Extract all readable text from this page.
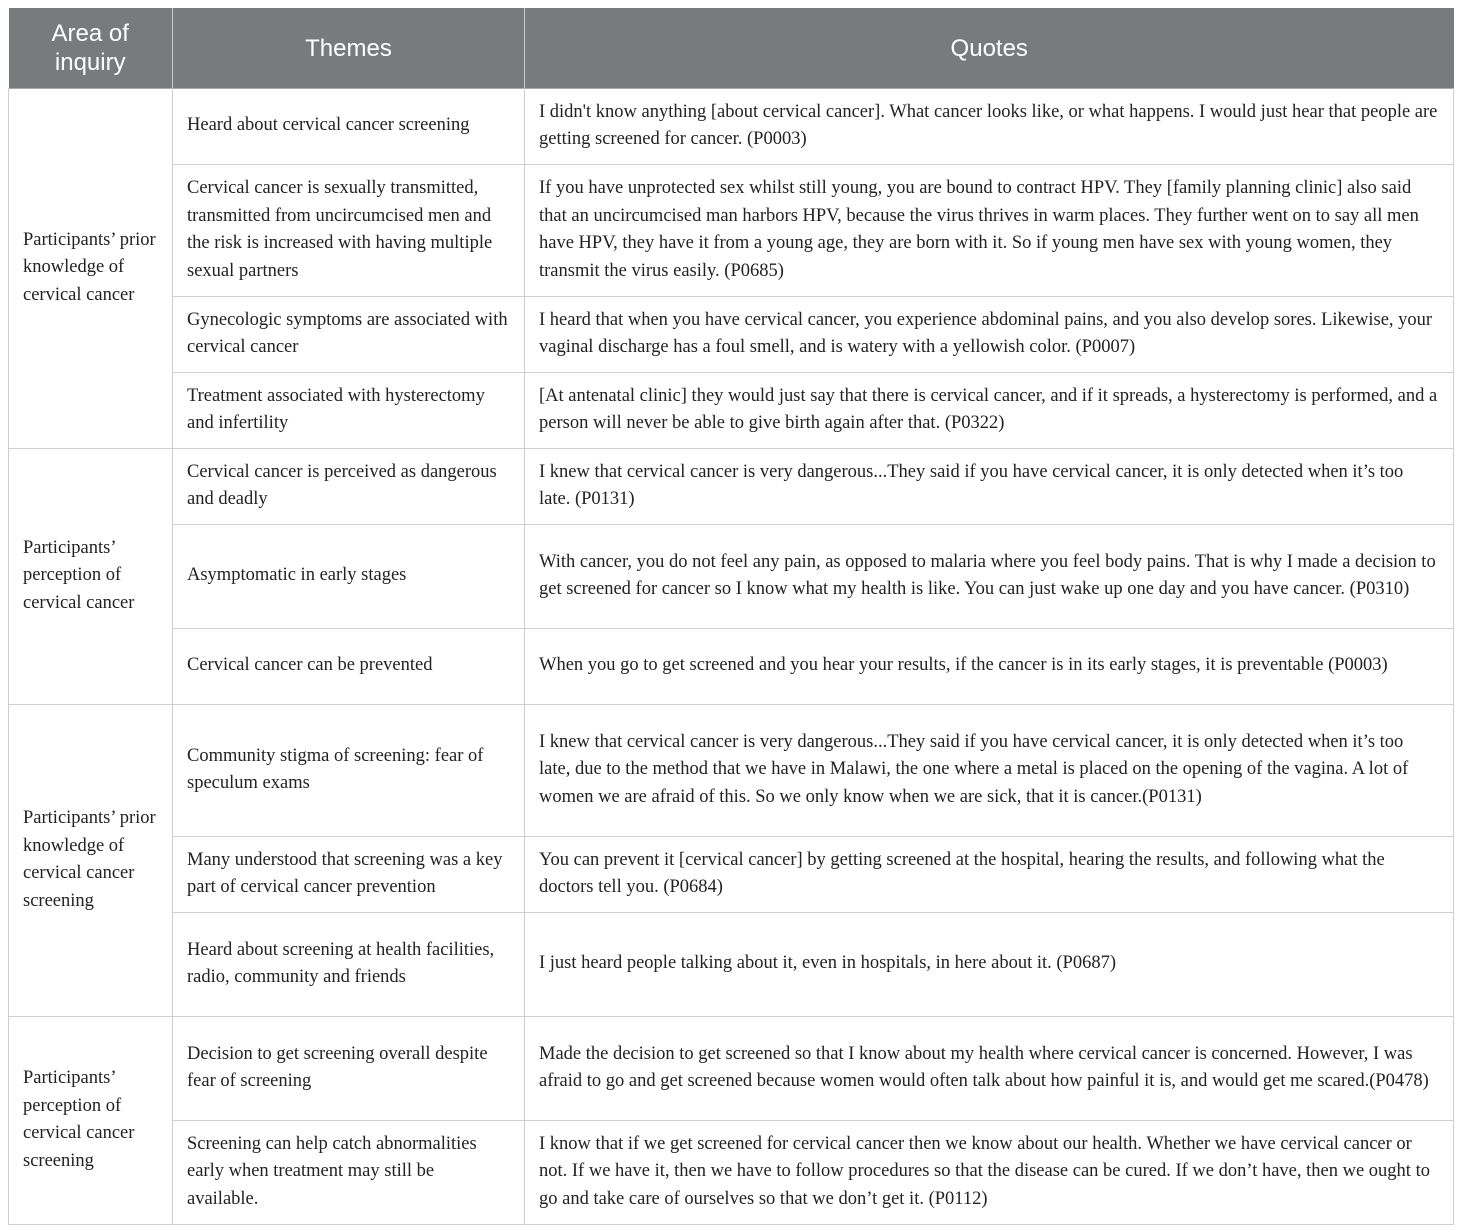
Area of inquiry	Themes	Quotes
Participants’ prior knowledge of cervical cancer	Heard about cervical cancer screening	I didn't know anything [about cervical cancer]. What cancer looks like, or what happens. I would just hear that people are getting screened for cancer. (P0003)
	Cervical cancer is sexually transmitted, transmitted from uncircumcised men and the risk is increased with having multiple sexual partners	If you have unprotected sex whilst still young, you are bound to contract HPV. They [family planning clinic] also said that an uncircumcised man harbors HPV, because the virus thrives in warm places. They further went on to say all men have HPV, they have it from a young age, they are born with it. So if young men have sex with young women, they transmit the virus easily. (P0685)
	Gynecologic symptoms are associated with cervical cancer	I heard that when you have cervical cancer, you experience abdominal pains, and you also develop sores. Likewise, your vaginal discharge has a foul smell, and is watery with a yellowish color. (P0007)
	Treatment associated with hysterectomy and infertility	[At antenatal clinic] they would just say that there is cervical cancer, and if it spreads, a hysterectomy is performed, and a person will never be able to give birth again after that. (P0322)
Participants’ perception of cervical cancer	Cervical cancer is perceived as dangerous and deadly	I knew that cervical cancer is very dangerous...They said if you have cervical cancer, it is only detected when it’s too late. (P0131)
	Asymptomatic in early stages	With cancer, you do not feel any pain, as opposed to malaria where you feel body pains. That is why I made a decision to get screened for cancer so I know what my health is like. You can just wake up one day and you have cancer. (P0310)
	Cervical cancer can be prevented	When you go to get screened and you hear your results, if the cancer is in its early stages, it is preventable (P0003)
Participants’ prior knowledge of cervical cancer screening	Community stigma of screening: fear of speculum exams	I knew that cervical cancer is very dangerous...They said if you have cervical cancer, it is only detected when it’s too late, due to the method that we have in Malawi, the one where a metal is placed on the opening of the vagina. A lot of women we are afraid of this. So we only know when we are sick, that it is cancer.(P0131)
	Many understood that screening was a key part of cervical cancer prevention	You can prevent it [cervical cancer] by getting screened at the hospital, hearing the results, and following what the doctors tell you. (P0684)
	Heard about screening at health facilities, radio, community and friends	I just heard people talking about it, even in hospitals, in here about it. (P0687)
Participants’ perception of cervical cancer screening	Decision to get screening overall despite fear of screening	Made the decision to get screened so that I know about my health where cervical cancer is concerned. However, I was afraid to go and get screened because women would often talk about how painful it is, and would get me scared.(P0478)
	Screening can help catch abnormalities early when treatment may still be available.	I know that if we get screened for cervical cancer then we know about our health. Whether we have cervical cancer or not. If we have it, then we have to follow procedures so that the disease can be cured. If we don’t have, then we ought to go and take care of ourselves so that we don’t get it. (P0112)
